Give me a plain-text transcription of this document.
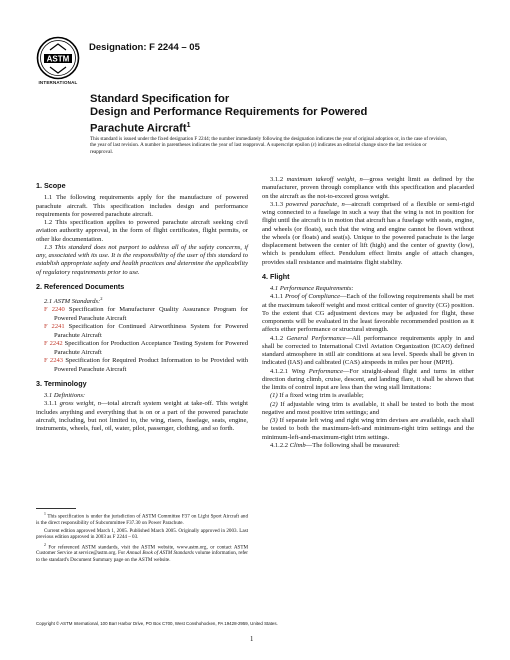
ASTM
INTERNATIONAL
Designation: F 2244 – 05
Standard Specification for
Design and Performance Requirements for Powered
Parachute Aircraft$^1$
This standard is issued under the fixed designation F 2244; the number immediately following the designation indicates the year of original adoption or, in the case of revision, the year of last revision. A number in parentheses indicates the year of last reapproval. A superscript epsilon (ε) indicates an editorial change since the last revision or reapproval.
1. Scope

1.1 The following requirements apply for the manufacture of powered parachute aircraft. This specification includes design and performance requirements for powered parachute aircraft.

1.2 This specification applies to powered parachute aircraft seeking civil aviation authority approval, in the form of flight certificates, flight permits, or other like documentation.

1.3 This standard does not purport to address all of the safety concerns, if any, associated with its use. It is the responsibility of the user of this standard to establish appropriate safety and health practices and determine the applicability of regulatory requirements prior to use.

2. Referenced Documents

2.1 ASTM Standards:$^2$

F 2240 Specification for Manufacturer Quality Assurance Program for Powered Parachute Aircraft
F 2241 Specification for Continued Airworthiness System for Powered Parachute Aircraft
F 2242 Specification for Production Acceptance Testing System for Powered Parachute Aircraft
F 2243 Specification for Required Product Information to be Provided with Powered Parachute Aircraft
3. Terminology

3.1 Definitions:

3.1.1 gross weight, n—total aircraft system weight at take-off. This weight includes anything and everything that is on or a part of the powered parachute aircraft, including, but not limited to, the wing, risers, fuselage, seats, engine, instruments, wheels, fuel, oil, water, pilot, passenger, clothing, and so forth.

$^1$ This specification is under the jurisdiction of ASTM Committee F37 on Light Sport Aircraft and is the direct responsibility of Subcommittee F37.30 on Power Parachute.

Current edition approved March 1, 2005. Published March 2005. Originally approved in 2003. Last previous edition approved in 2003 as F 2244 – 03.

$^2$ For referenced ASTM standards, visit the ASTM website, www.astm.org, or contact ASTM Customer Service at service@astm.org. For Annual Book of ASTM Standards volume information, refer to the standard's Document Summary page on the ASTM website.

3.1.2 maximum takeoff weight, n—gross weight limit as defined by the manufacturer, proven through compliance with this specification and placarded on the aircraft as the not-to-exceed gross weight.

3.1.3 powered parachute, n—aircraft comprised of a flexible or semi-rigid wing connected to a fuselage in such a way that the wing is not in position for flight until the aircraft is in motion that aircraft has a fuselage with seats, engine, and wheels (or floats), such that the wing and engine cannot be flown without the wheels (or floats) and seat(s). Unique to the powered parachute is the large displacement between the center of lift (high) and the center of gravity (low), which is pendulum effect. Pendulum effect limits angle of attach changes, provides stall resistance and maintains flight stability.

4. Flight

4.1 Performance Requirements:

4.1.1 Proof of Compliance—Each of the following requirements shall be met at the maximum takeoff weight and most critical center of gravity (CG) position. To the extent that CG adjustment devices may be adjusted for flight, these components will be evaluated in the least favorable recommended position as it affects either performance or structural strength.

4.1.2 General Performance—All performance requirements apply in and shall be corrected to International Civil Aviation Organization (ICAO) defined standard atmosphere in still air conditions at sea level. Speeds shall be given in indicated (IAS) and calibrated (CAS) airspeeds in miles per hour (MPH).

4.1.2.1 Wing Performance—For straight-ahead flight and turns in either direction during climb, cruise, descent, and landing flare, it shall be shown that the limits of control input are less than the wing stall limitations:

(1) If a fixed wing trim is available;

(2) If adjustable wing trim is available, it shall be tested to both the most negative and most positive trim settings; and

(3) If separate left wing and right wing trim devises are available, each shall be tested to both the maximum-left-and minimum-right trim settings and the minimum-left-and-maximum-right trim settings.

4.1.2.2 Climb—The following shall be measured:

Copyright © ASTM International, 100 Barr Harbor Drive, PO Box C700, West Conshohocken, PA 19428-2959, United States.
1
